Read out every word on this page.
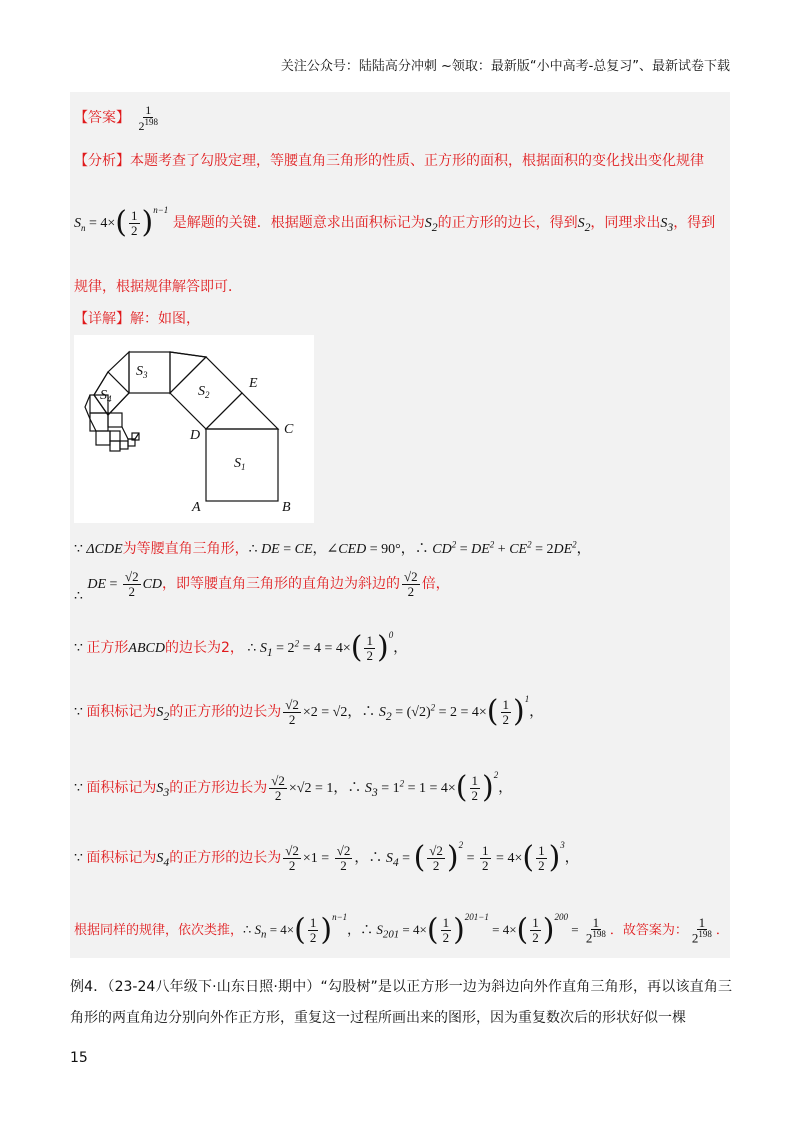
关注公众号：陆陆高分冲刺 ~领取：最新版“小中高考-总复习”、最新试卷下载
【答案】 $\frac{1}{2^{198}}$
【分析】本题考查了勾股定理，等腰直角三角形的性质、正方形的面积，根据面积的变化找出变化规律
$S_n = 4\times( \frac{1}{2} )^{n-1}$ 是解题的关键．根据题意求出面积标记为$S_2$的正方形的边长，得到$S_2$，同理求出$S_3$，得到
规律，根据规律解答即可．
【详解】解：如图，
$S_3$
$S_2$
$S_4$
$S_1$
E
C
D
A	B
∵ ΔCDE为等腰直角三角形，∴ DE = CE，∠CED = 90°，∴ $CD^2 = DE^2 + CE^2 = 2DE^2$，
∴ DE = $\frac{√2}{2}$ CD，即等腰直角三角形的直角边为斜边的 $\frac{√2}{2}$ 倍，
∵ 正方形ABCD的边长为2， ∴ $S_1 = 2^2 = 4 = 4\times( \frac{1}{2} )^0$，
∵ 面积标记为$S_2$的正方形的边长为 $\frac{√2}{2} \times 2 = √2$，∴ $S_2 = (√2)^2 = 2 = 4\times( \frac{1}{2} )^1$，
∵ 面积标记为$S_3$的正方形边长为 $\frac{√2}{2} \times√2 = 1$，∴ $S_3 = 1^2 = 1 = 4\times( \frac{1}{2} )^2$，
∵ 面积标记为$S_4$的正方形的边长为 $\frac{√2}{2} \times 1 = \frac{√2}{2}$ ，∴ $S_4$ = ( $\frac{√2}{2} )^2 = \frac{1}{2} = 4\times( \frac{1}{2} )^3$，
根据同样的规律，依次类推，∴ $S_n = 4\times( \frac{1}{2} )^{n-1}$，∴ $S_{201} = 4\times( \frac{1}{2} )^{201-1} = 4\times( \frac{1}{2} )^{200} = \frac{1}{2^{198}}$ ．故答案为： $\frac{1}{2^{198}}$ ．
例4．（23-24八年级下·山东日照·期中）“勾股树”是以正方形一边为斜边向外作直角三角形，再以该直角三角形的两直角边分别向外作正方形，重复这一过程所画出来的图形，因为重复数次后的形状好似一棵
15
